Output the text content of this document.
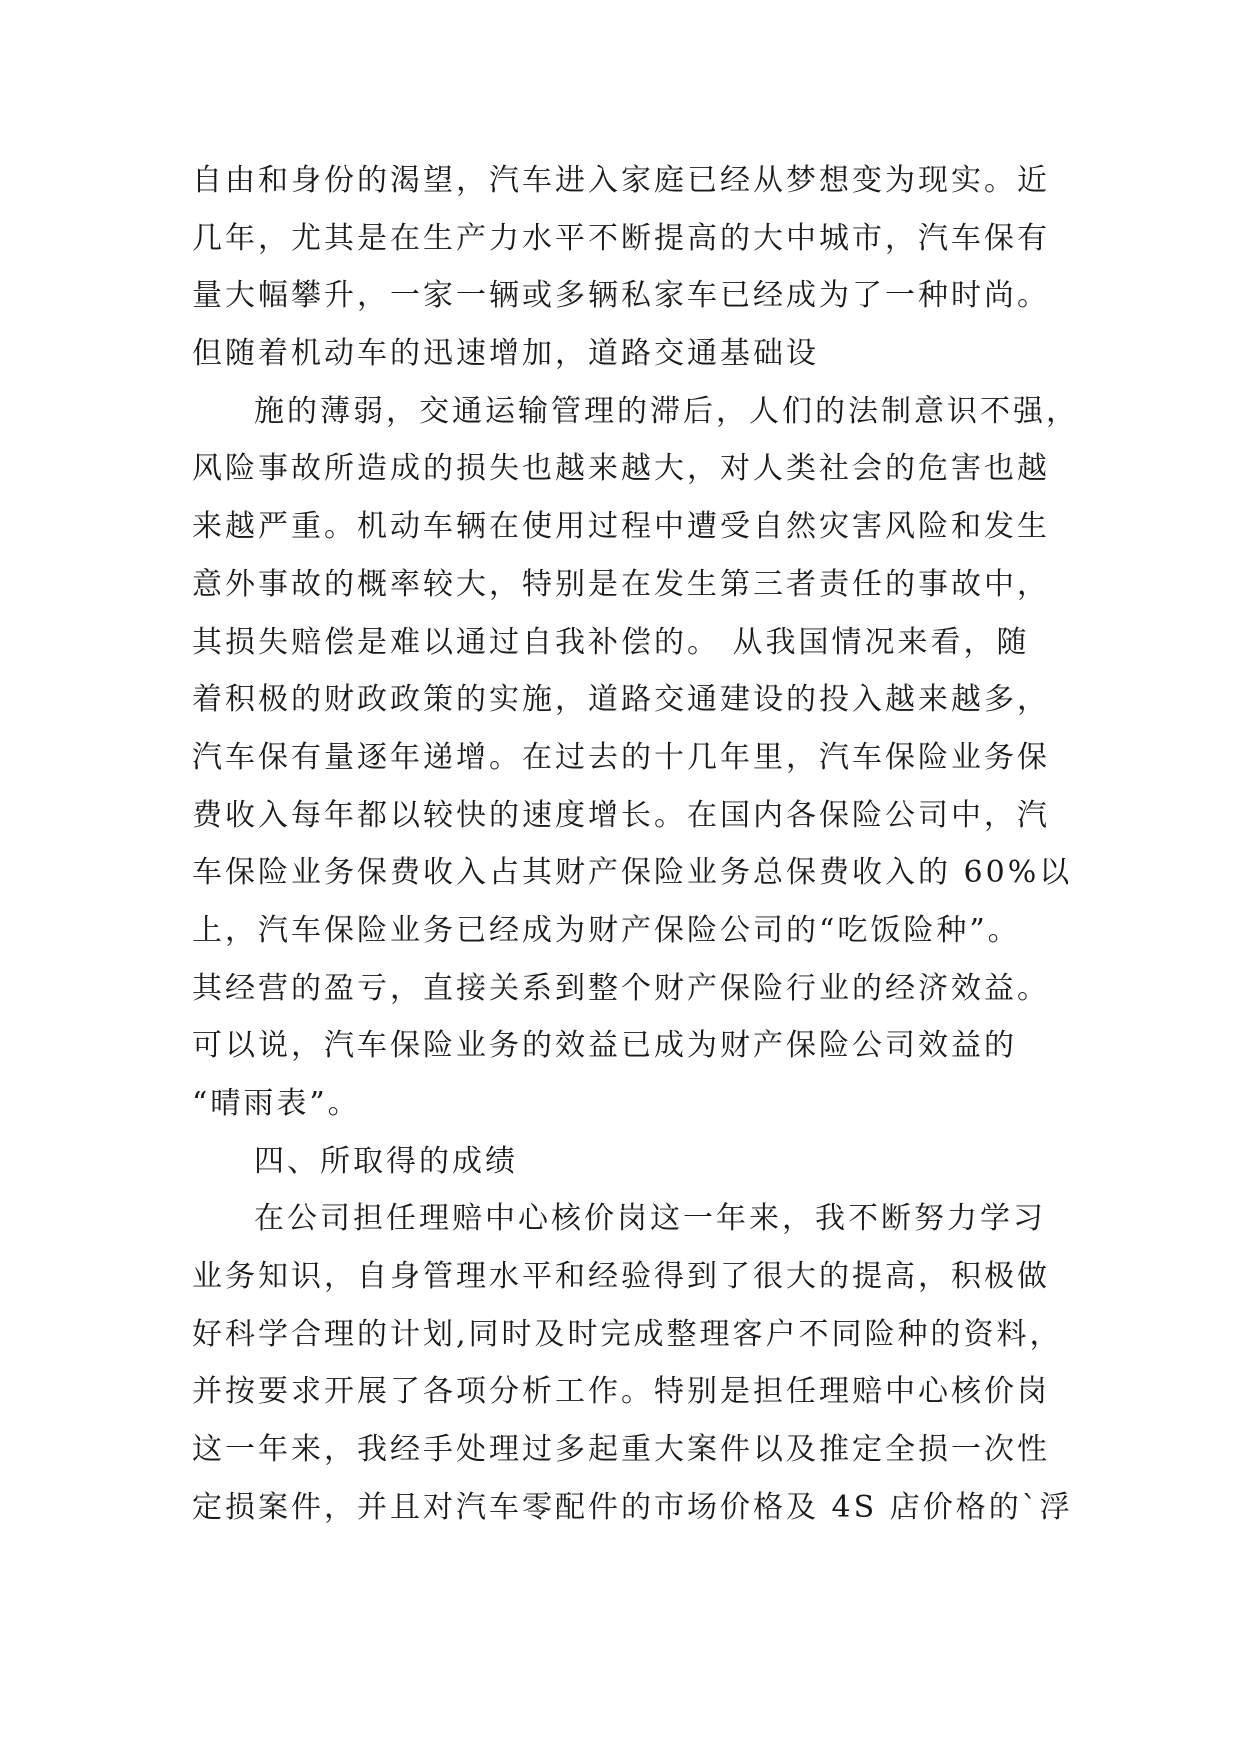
自由和身份的渴望，汽车进入家庭已经从梦想变为现实。近
几年，尤其是在生产力水平不断提高的大中城市，汽车保有
量大幅攀升，一家一辆或多辆私家车已经成为了一种时尚。
但随着机动车的迅速增加，道路交通基础设
施的薄弱，交通运输管理的滞后，人们的法制意识不强，
风险事故所造成的损失也越来越大，对人类社会的危害也越
来越严重。机动车辆在使用过程中遭受自然灾害风险和发生
意外事故的概率较大，特别是在发生第三者责任的事故中，
其损失赔偿是难以通过自我补偿的。 从我国情况来看，随
着积极的财政政策的实施，道路交通建设的投入越来越多，
汽车保有量逐年递增。在过去的十几年里，汽车保险业务保
费收入每年都以较快的速度增长。在国内各保险公司中，汽
车保险业务保费收入占其财产保险业务总保费收入的 60%以
上，汽车保险业务已经成为财产保险公司的“吃饭险种”。
其经营的盈亏，直接关系到整个财产保险行业的经济效益。
可以说，汽车保险业务的效益已成为财产保险公司效益的
“晴雨表”。
四、所取得的成绩
在公司担任理赔中心核价岗这一年来，我不断努力学习
业务知识，自身管理水平和经验得到了很大的提高，积极做
好科学合理的计划,同时及时完成整理客户不同险种的资料，
并按要求开展了各项分析工作。特别是担任理赔中心核价岗
这一年来，我经手处理过多起重大案件以及推定全损一次性
定损案件，并且对汽车零配件的市场价格及 4S 店价格的`浮
